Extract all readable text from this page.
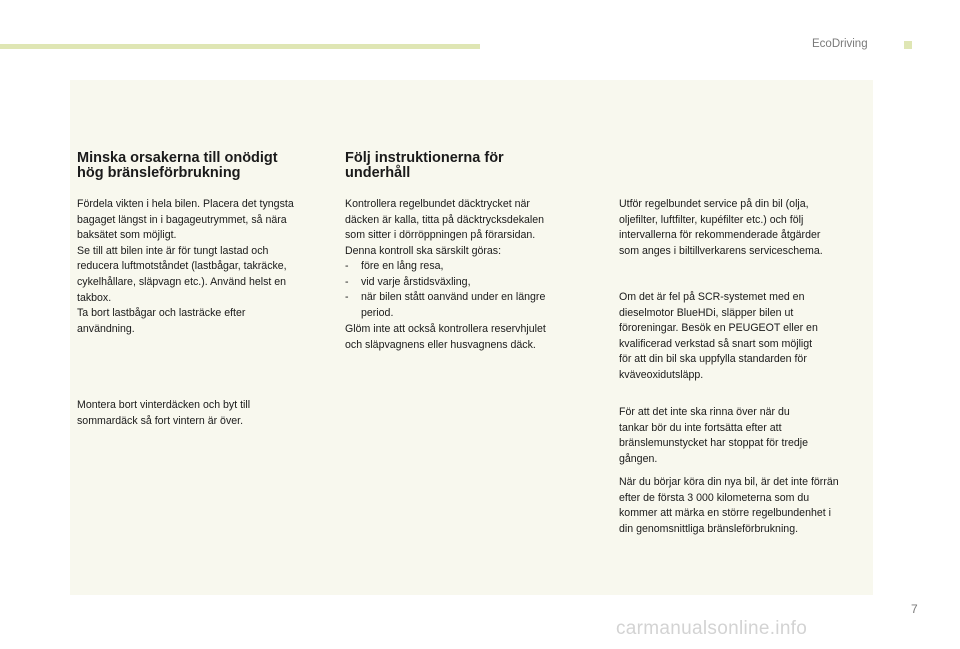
EcoDriving
Minska orsakerna till onödigt
hög bränsleförbrukning
Fördela vikten i hela bilen. Placera det tyngsta
bagaget längst in i bagageutrymmet, så nära
baksätet som möjligt.
Se till att bilen inte är för tungt lastad och
reducera luftmotståndet (lastbågar, takräcke,
cykelhållare, släpvagn etc.). Använd helst en
takbox.
Ta bort lastbågar och lasträcke efter
användning.
Montera bort vinterdäcken och byt till
sommardäck så fort vintern är över.
Följ instruktionerna för
underhåll
Kontrollera regelbundet däcktrycket när
däcken är kalla, titta på däcktrycksdekalen
som sitter i dörröppningen på förarsidan.
Denna kontroll ska särskilt göras:
- före en lång resa,
- vid varje årstidsväxling,
- när bilen stått oanvänd under en längre
period.
Glöm inte att också kontrollera reservhjulet
och släpvagnens eller husvagnens däck.
Utför regelbundet service på din bil (olja,
oljefilter, luftfilter, kupéfilter etc.) och följ
intervallerna för rekommenderade åtgärder
som anges i biltillverkarens serviceschema.
Om det är fel på SCR-systemet med en
dieselmotor BlueHDi, släpper bilen ut
föroreningar. Besök en PEUGEOT eller en
kvalificerad verkstad så snart som möjligt
för att din bil ska uppfylla standarden för
kväveoxidutsläpp.
För att det inte ska rinna över när du
tankar bör du inte fortsätta efter att
bränslemunstycket har stoppat för tredje
gången.
När du börjar köra din nya bil, är det inte förrän
efter de första 3 000 kilometerna som du
kommer att märka en större regelbundenhet i
din genomsnittliga bränsleförbrukning.
7
carmanualsonline.info
